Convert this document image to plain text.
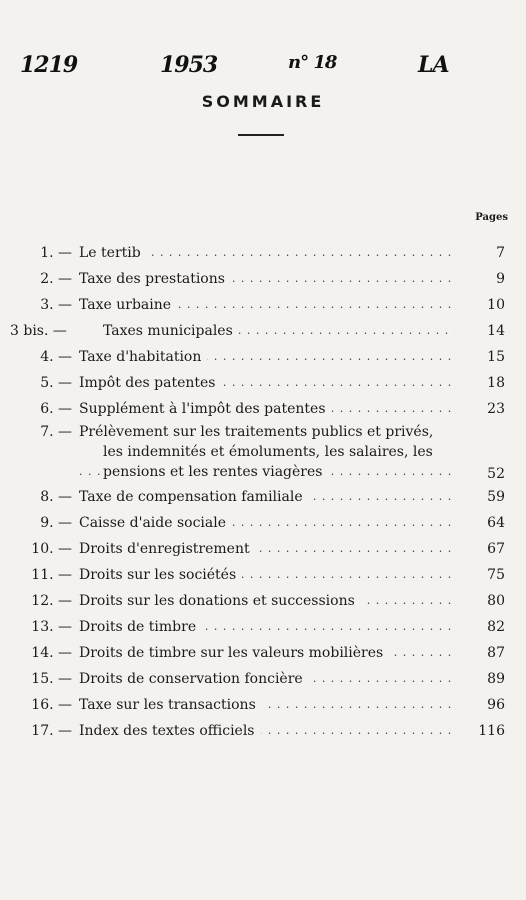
1219	1953	n° 18	LA
SOMMAIRE
Pages
1. — Le tertib . . .	7
2. — Taxe des prestations . . .	9
3. — Taxe urbaine . . .	10
3 bis. —	Taxes municipales . . .	14
4. — Taxe d'habitation . . .	15
5. — Impôt des patentes . . .	18
6. — Supplément à l'impôt des patentes . . .	23
7. — Prélèvement sur les traitements publics et privés,
les indemnités et émoluments, les salaires, les
pensions et les rentes viagères
. . .	52
8. — Taxe de compensation familiale . . .	59
9. — Caisse d'aide sociale . . .	64
10. — Droits d'enregistrement . . .	67
11. — Droits sur les sociétés . . .	75
12. — Droits sur les donations et successions . . .	80
13. — Droits de timbre . . .	82
14. — Droits de timbre sur les valeurs mobilières . . .	87
15. — Droits de conservation foncière . . .	89
16. — Taxe sur les transactions . . .	96
17. — Index des textes officiels . . .	116
